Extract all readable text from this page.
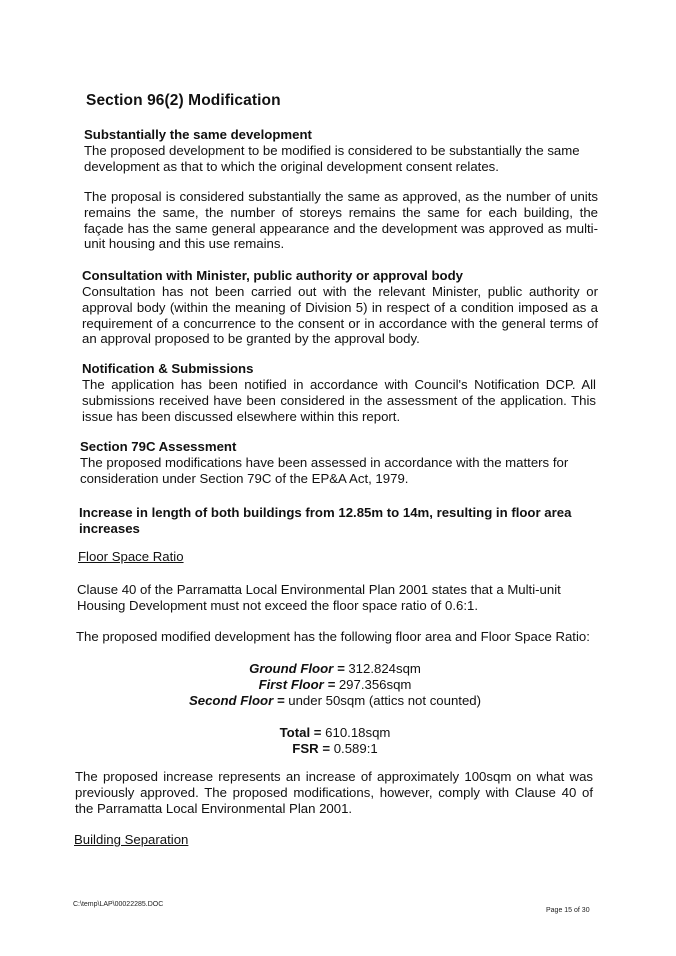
Section 96(2) Modification

Substantially the same development

The proposed development to be modified is considered to be substantially the same development as that to which the original development consent relates.

The proposal is considered substantially the same as approved, as the number of units remains the same, the number of storeys remains the same for each building, the façade has the same general appearance and the development was approved as multi-unit housing and this use remains.

Consultation with Minister, public authority or approval body

Consultation has not been carried out with the relevant Minister, public authority or approval body (within the meaning of Division 5) in respect of a condition imposed as a requirement of a concurrence to the consent or in accordance with the general terms of an approval proposed to be granted by the approval body.

Notification & Submissions

The application has been notified in accordance with Council's Notification DCP. All submissions received have been considered in the assessment of the application. This issue has been discussed elsewhere within this report.

Section 79C Assessment

The proposed modifications have been assessed in accordance with the matters for consideration under Section 79C of the EP&A Act, 1979.

Increase in length of both buildings from 12.85m to 14m, resulting in floor area increases

Floor Space Ratio

Clause 40 of the Parramatta Local Environmental Plan 2001 states that a Multi-unit Housing Development must not exceed the floor space ratio of 0.6:1.

The proposed modified development has the following floor area and Floor Space Ratio:

Ground Floor = 312.824sqm
First Floor = 297.356sqm
Second Floor = under 50sqm (attics not counted)
Total = 610.18sqm
FSR = 0.589:1

The proposed increase represents an increase of approximately 100sqm on what was previously approved. The proposed modifications, however, comply with Clause 40 of the Parramatta Local Environmental Plan 2001.

Building Separation
C:\temp\LAP\00022285.DOC
Page 15 of 30
